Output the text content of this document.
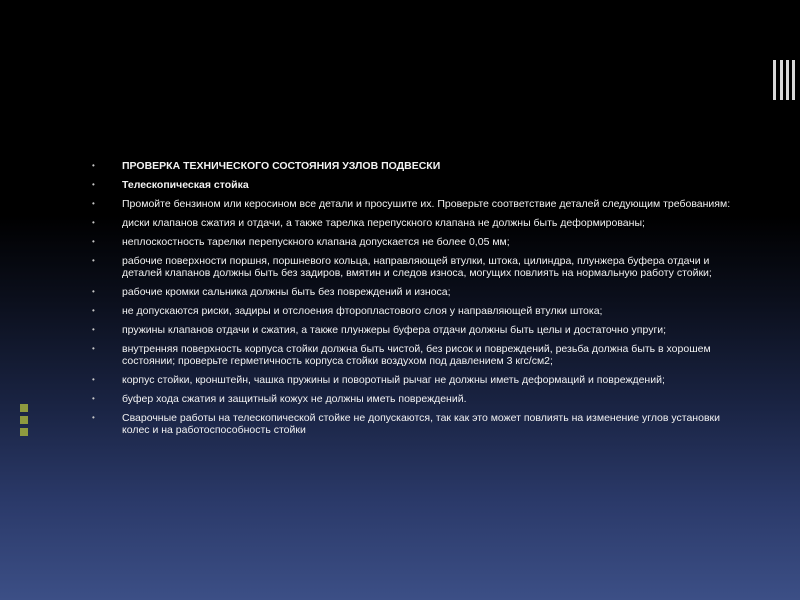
•	ПРОВЕРКА ТЕХНИЧЕСКОГО СОСТОЯНИЯ УЗЛОВ ПОДВЕСКИ
•	Телескопическая стойка
•	Промойте бензином или керосином все детали и просушите их. Проверьте соответствие деталей следующим требованиям:
•	диски клапанов сжатия и отдачи, а также тарелка перепускного клапана не должны быть деформированы;
•	неплоскостность тарелки перепускного клапана допускается не более 0,05 мм;
•	рабочие поверхности поршня, поршневого кольца, направляющей втулки, штока, цилиндра, плунжера буфера отдачи и деталей клапанов должны быть без задиров, вмятин и следов износа, могущих повлиять на нормальную работу стойки;
•	рабочие кромки сальника должны быть без повреждений и износа;
•	не допускаются риски, задиры и отслоения фторопластового слоя у направляющей втулки штока;
•	пружины клапанов отдачи и сжатия, а также плунжеры буфера отдачи должны быть целы и достаточно упруги;
•	внутренняя поверхность корпуса стойки должна быть чистой, без рисок и повреждений, резьба должна быть в хорошем состоянии; проверьте герметичность корпуса стойки воздухом под давлением 3 кгс/см2;
•	корпус стойки, кронштейн, чашка пружины и поворотный рычаг не должны иметь деформаций и повреждений;
•	буфер хода сжатия и защитный кожух не должны иметь повреждений.
•	Сварочные работы на телескопической стойке не допускаются, так как это может повлиять на изменение углов установки колес и на работоспособность стойки
